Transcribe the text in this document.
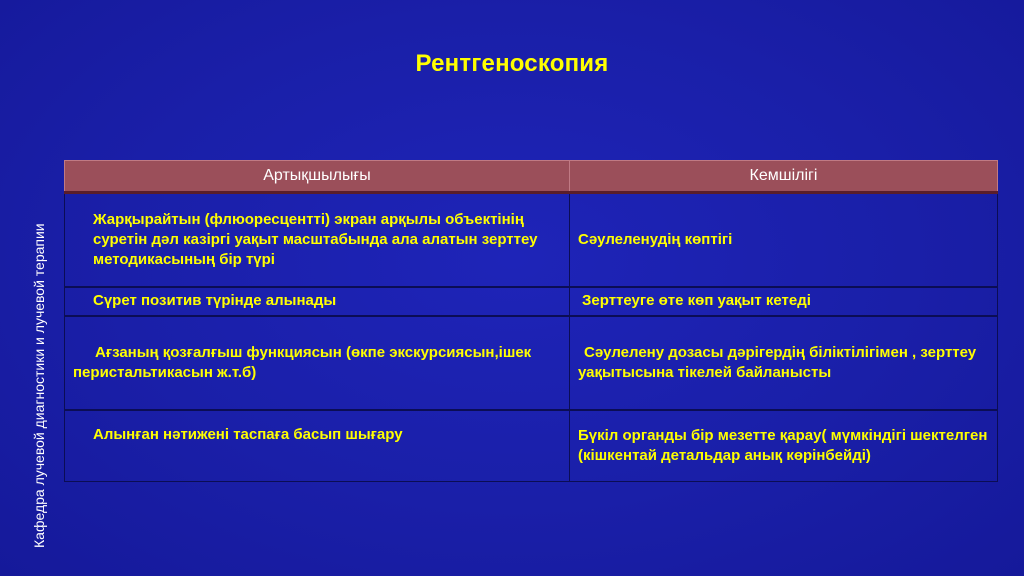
Рентгеноскопия
Кафедра лучевой диагностики и лучевой терапии
Артықшылығы	Кемшілігі

Жарқырайтын (флюоресцентті) экран арқылы объектінің суретін дәл казіргі уақыт масштабында ала алатын зерттеу методикасының бір түрі	Сәулеленудің көптігі

Сүрет позитив түрінде алынады	Зерттеуге өте көп уақыт кетеді

Ағзаның қозғалғыш функциясын (өкпе экскурсиясын,ішек перистальтикасын ж.т.б)	Сәулелену дозасы дәрігердің біліктілігімен , зерттеу уақытысына тікелей байланысты

Алынған нәтижені таспаға басып шығару	Бүкіл органды бір мезетте қарау( мүмкіндігі шектелген (кішкентай детальдар анық көрінбейді)
